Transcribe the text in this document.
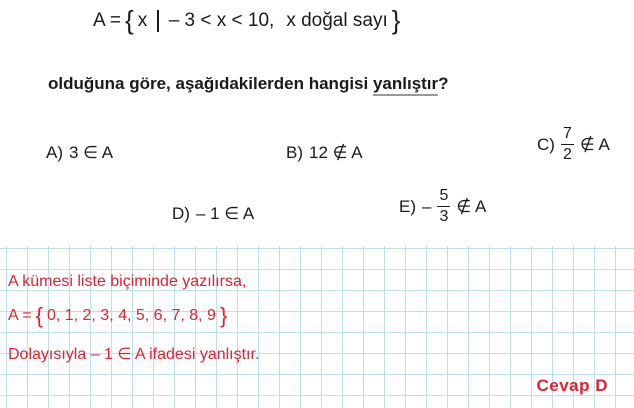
A = { x – 3 < x < 10, x doğal sayı }
olduğuna göre, aşağıdakilerden hangisi yanlıştır?
A) 3 ∈ A	B) 12 ∉ A	$C) \frac{7}{2}$ ∉ A
D) – 1 ∈ A	$E) - \frac{5}{3}$ ∉ A
A kümesi liste biçiminde yazılırsa,
A = { 0, 1, 2, 3, 4, 5, 6, 7, 8, 9 }
Dolayısıyla – 1 ∈ A ifadesi yanlıştır.
Cevap D
